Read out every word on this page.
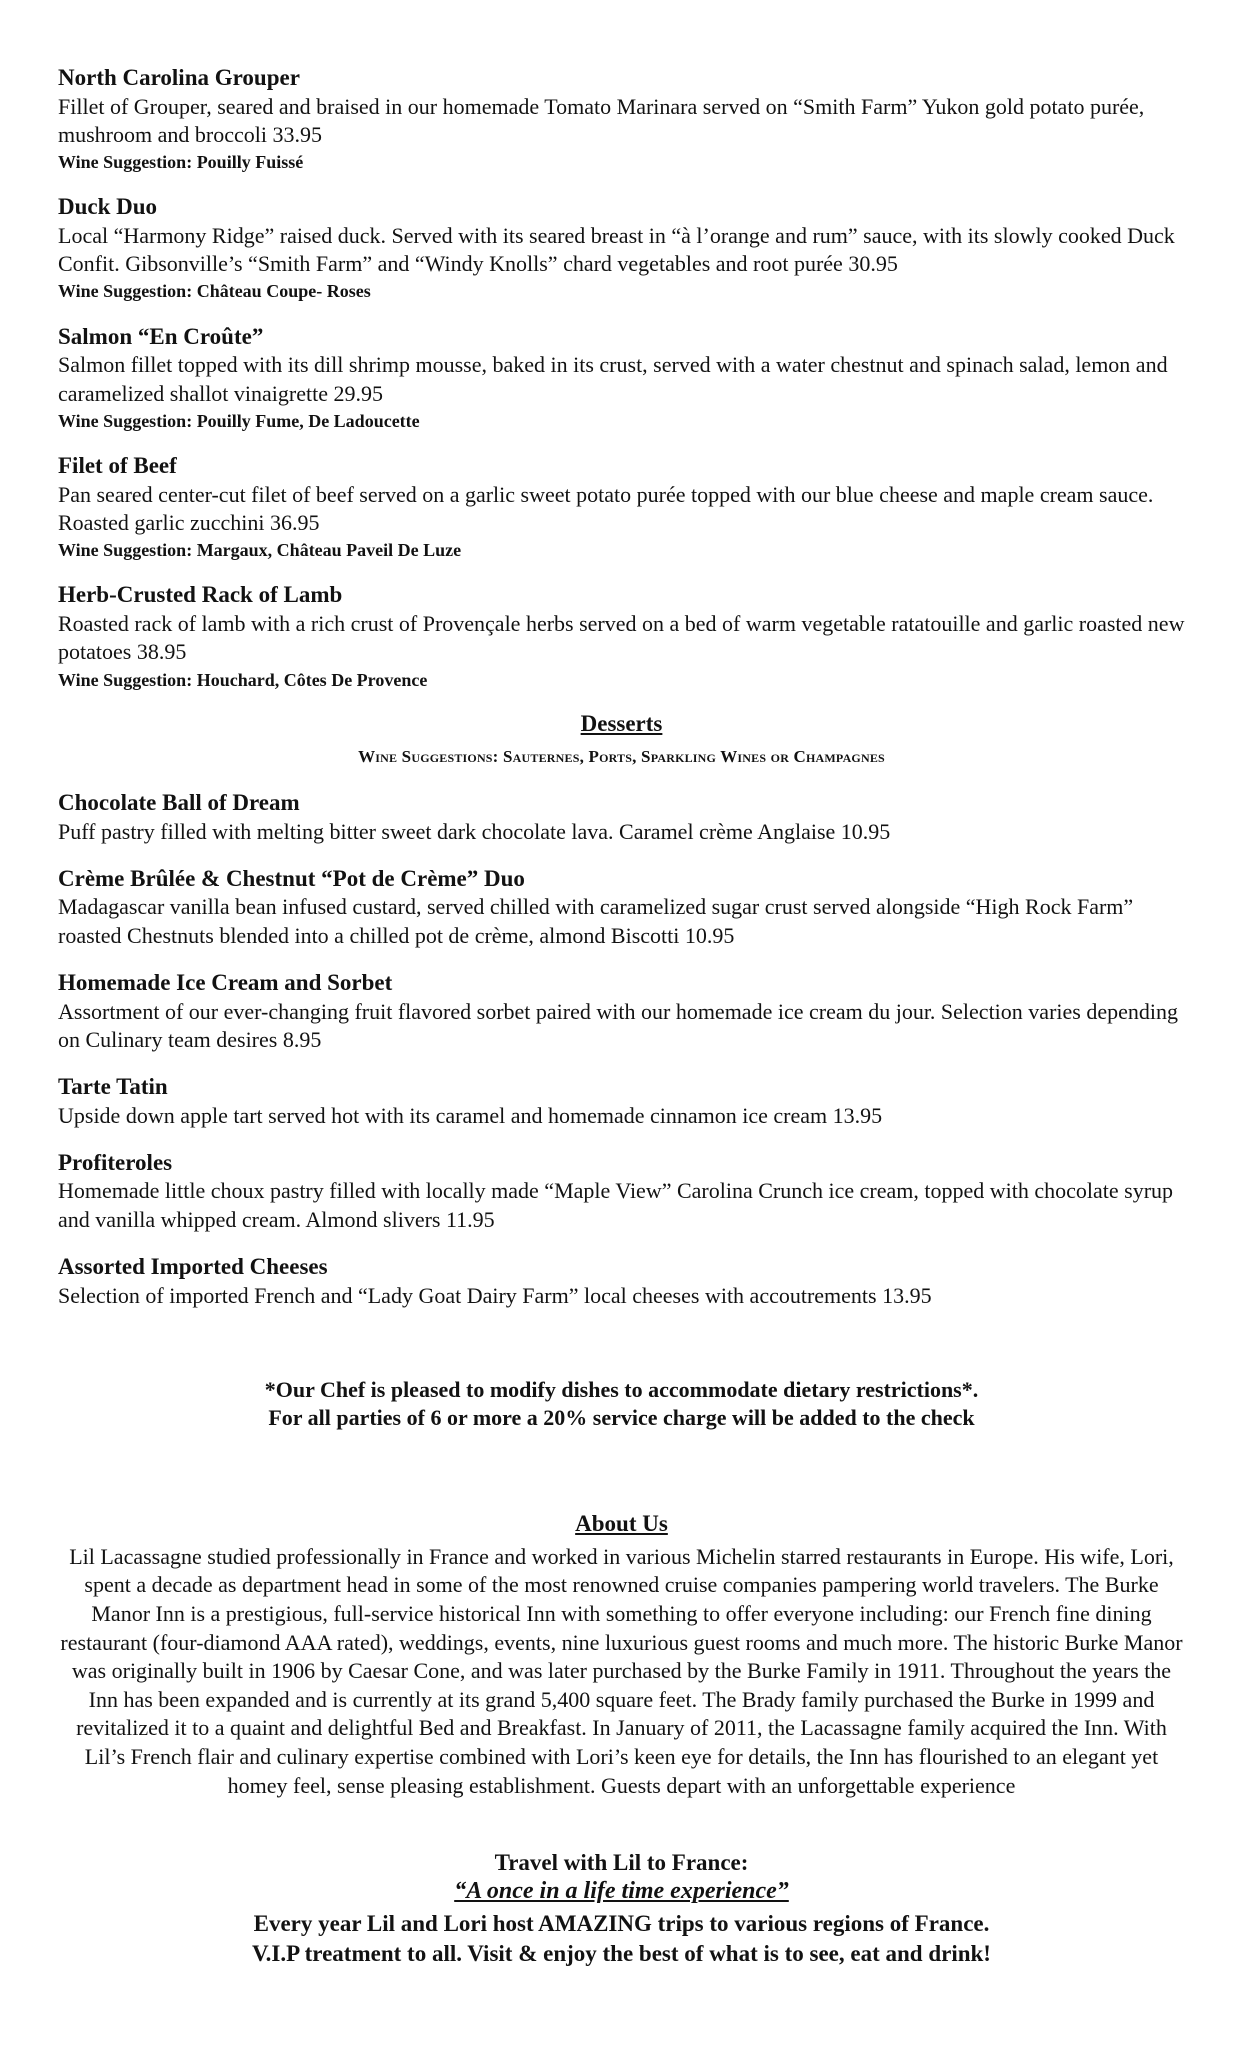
North Carolina Grouper

Fillet of Grouper, seared and braised in our homemade Tomato Marinara served on “Smith Farm” Yukon gold potato purée, mushroom and broccoli 33.95

Wine Suggestion: Pouilly Fuissé

Duck Duo

Local “Harmony Ridge” raised duck. Served with its seared breast in “à l’orange and rum” sauce, with its slowly cooked Duck Confit. Gibsonville’s “Smith Farm” and “Windy Knolls” chard vegetables and root purée 30.95

Wine Suggestion: Château Coupe- Roses

Salmon “En Croûte”

Salmon fillet topped with its dill shrimp mousse, baked in its crust, served with a water chestnut and spinach salad, lemon and caramelized shallot vinaigrette 29.95

Wine Suggestion: Pouilly Fume, De Ladoucette

Filet of Beef

Pan seared center-cut filet of beef served on a garlic sweet potato purée topped with our blue cheese and maple cream sauce. Roasted garlic zucchini 36.95

Wine Suggestion: Margaux, Château Paveil De Luze

Herb-Crusted Rack of Lamb

Roasted rack of lamb with a rich crust of Provençale herbs served on a bed of warm vegetable ratatouille and garlic roasted new potatoes 38.95

Wine Suggestion: Houchard, Côtes De Provence

Desserts

Wine Suggestions: Sauternes, Ports, Sparkling Wines or Champagnes

Chocolate Ball of Dream

Puff pastry filled with melting bitter sweet dark chocolate lava. Caramel crème Anglaise 10.95

Crème Brûlée & Chestnut “Pot de Crème” Duo

Madagascar vanilla bean infused custard, served chilled with caramelized sugar crust served alongside “High Rock Farm” roasted Chestnuts blended into a chilled pot de crème, almond Biscotti 10.95

Homemade Ice Cream and Sorbet

Assortment of our ever-changing fruit flavored sorbet paired with our homemade ice cream du jour. Selection varies depending on Culinary team desires 8.95

Tarte Tatin

Upside down apple tart served hot with its caramel and homemade cinnamon ice cream 13.95

Profiteroles

Homemade little choux pastry filled with locally made “Maple View” Carolina Crunch ice cream, topped with chocolate syrup and vanilla whipped cream. Almond slivers 11.95

Assorted Imported Cheeses

Selection of imported French and “Lady Goat Dairy Farm” local cheeses with accoutrements 13.95

*Our Chef is pleased to modify dishes to accommodate dietary restrictions*.

For all parties of 6 or more a 20% service charge will be added to the check

About Us

Lil Lacassagne studied professionally in France and worked in various Michelin starred restaurants in Europe. His wife, Lori, spent a decade as department head in some of the most renowned cruise companies pampering world travelers. The Burke Manor Inn is a prestigious, full-service historical Inn with something to offer everyone including: our French fine dining restaurant (four-diamond AAA rated), weddings, events, nine luxurious guest rooms and much more. The historic Burke Manor was originally built in 1906 by Caesar Cone, and was later purchased by the Burke Family in 1911. Throughout the years the Inn has been expanded and is currently at its grand 5,400 square feet. The Brady family purchased the Burke in 1999 and revitalized it to a quaint and delightful Bed and Breakfast. In January of 2011, the Lacassagne family acquired the Inn. With Lil’s French flair and culinary expertise combined with Lori’s keen eye for details, the Inn has flourished to an elegant yet homey feel, sense pleasing establishment. Guests depart with an unforgettable experience

Travel with Lil to France:

“A once in a life time experience”

Every year Lil and Lori host AMAZING trips to various regions of France.

V.I.P treatment to all. Visit & enjoy the best of what is to see, eat and drink!
